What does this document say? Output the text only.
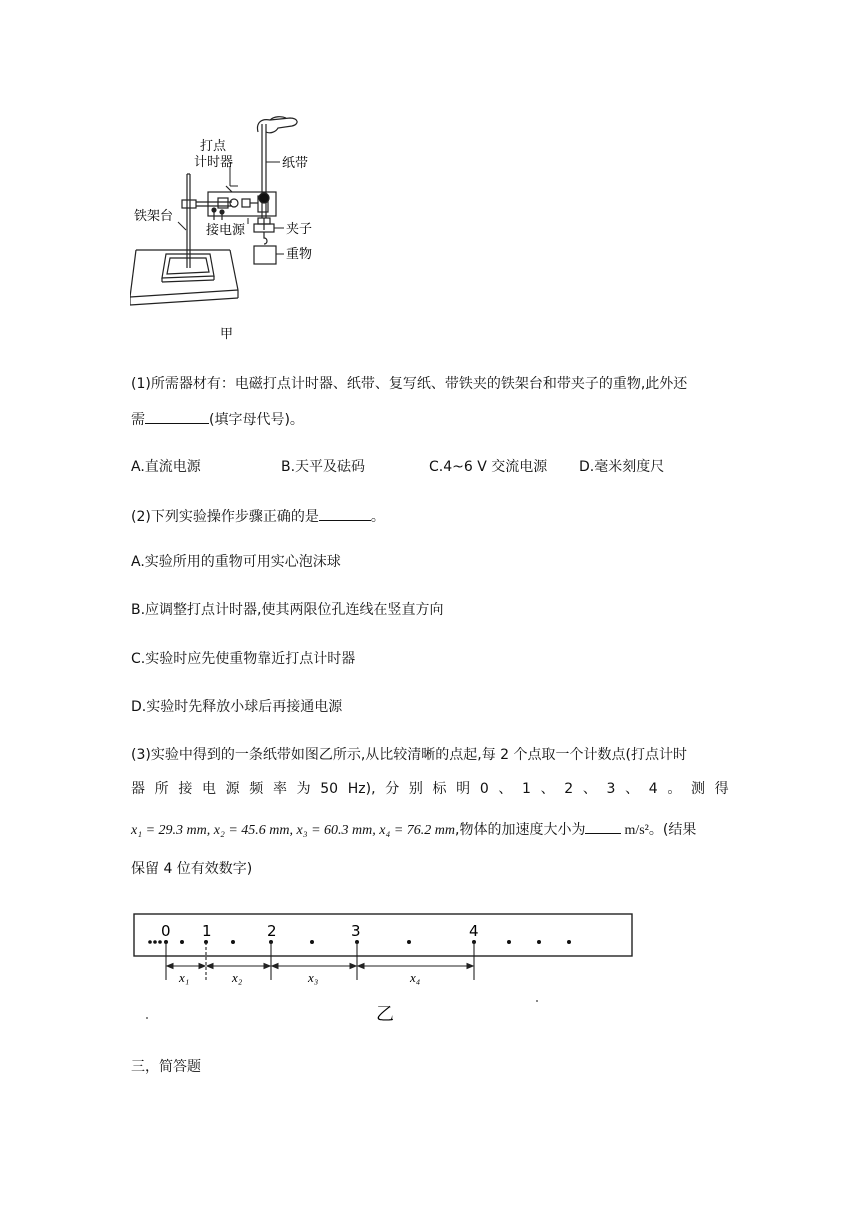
打点
计时器	纸带
铁架台
接电源	夹子
重物
甲
(1)所需器材有：电磁打点计时器、纸带、复写纸、带铁夹的铁架台和带夹子的重物,此外还
需	(填字母代号)。
A.直流电源	B.天平及砝码	C.4~6 V 交流电源 D.毫米刻度尺
(2)下列实验操作步骤正确的是	。
A.实验所用的重物可用实心泡沫球
B.应调整打点计时器,使其两限位孔连线在竖直方向
C.实验时应先使重物靠近打点计时器
D.实验时先释放小球后再接通电源
(3)实验中得到的一条纸带如图乙所示,从比较清晰的点起,每 2 个点取一个计数点(打点计时
器 所 接 电 源 频 率 为 50 Hz), 分 别 标 明 0 、 1 、 2 、 3 、 4 。 测 得
x₁ = 29.3 mm, x₂ = 45.6 mm, x₃ = 60.3 mm, x₄ = 76.2 mm,物体的加速度大小为	m/s²。(结果
保留 4 位有效数字)
0 1	2	3	4
x₁	x₂	x₃	x₄
乙
三，简答题
